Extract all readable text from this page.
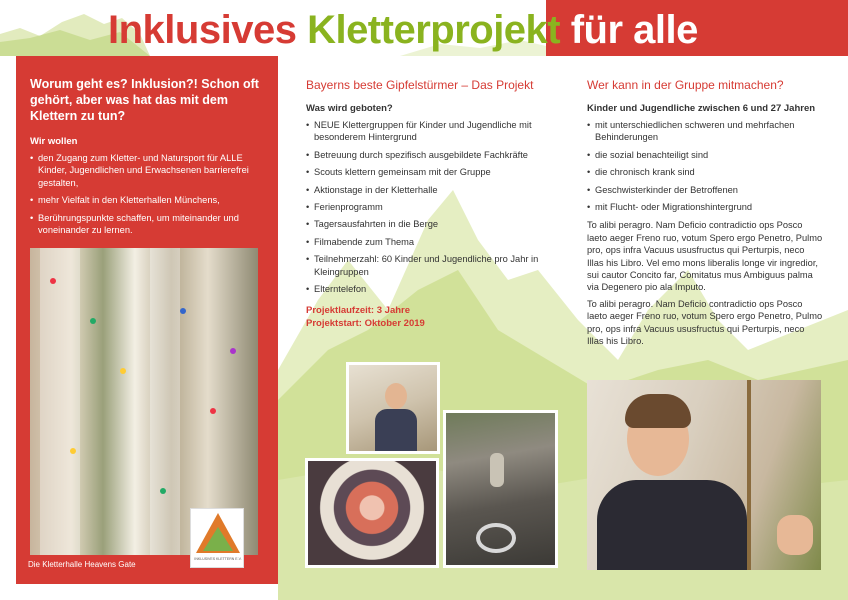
Inklusives Kletterprojekt für alle
Worum geht es? Inklusion?! Schon oft gehört, aber was hat das mit dem Klettern zu tun?
Wir wollen
• den Zugang zum Kletter- und Natursport für ALLE Kinder, Jugendlichen und Erwachsenen barrierefrei gestalten,
• mehr Vielfalt in den Kletterhallen Münchens,
• Berührungspunkte schaffen, um miteinander und voneinander zu lernen.
INKLUSIVES KLETTERN E.V.
Die Kletterhalle Heavens Gate
Bayerns beste Gipfelstürmer – Das Projekt
Was wird geboten?
• NEUE Klettergruppen für Kinder und Jugendliche mit besonderem Hintergrund
• Betreuung durch spezifisch ausgebildete Fachkräfte
• Scouts klettern gemeinsam mit der Gruppe
• Aktionstage in der Kletterhalle
• Ferienprogramm
• Tagersausfahrten in die Berge
• Filmabende zum Thema
• Teilnehmerzahl: 60 Kinder und Jugendliche pro Jahr in Kleingruppen
• Elterntelefon
Projektlaufzeit: 3 Jahre
Projektstart: Oktober 2019
Wer kann in der Gruppe mitmachen?
Kinder und Jugendliche zwischen 6 und 27 Jahren
• mit unterschiedlichen schweren und mehrfachen Behinderungen
• die sozial benachteiligt sind
• die chronisch krank sind
• Geschwisterkinder der Betroffenen
• mit Flucht- oder Migrationshintergrund

To alibi peragro. Nam Deficio contradictio ops Posco laeto aeger Freno ruo, votum Spero ergo Penetro, Pulmo pro, ops infra Vacuus ususfructus qui Perturpis, neco Illas his Libro. Vel emo mons liberalis longe vir ingredior, sui cautor Concito far, Comitatus mus Ambiguus palma via Degenero pio ala Imputo.

To alibi peragro. Nam Deficio contradictio ops Posco laeto aeger Freno ruo, votum Spero ergo Penetro, Pulmo pro, ops infra Vacuus ususfructus qui Perturpis, neco Illas his Libro.
